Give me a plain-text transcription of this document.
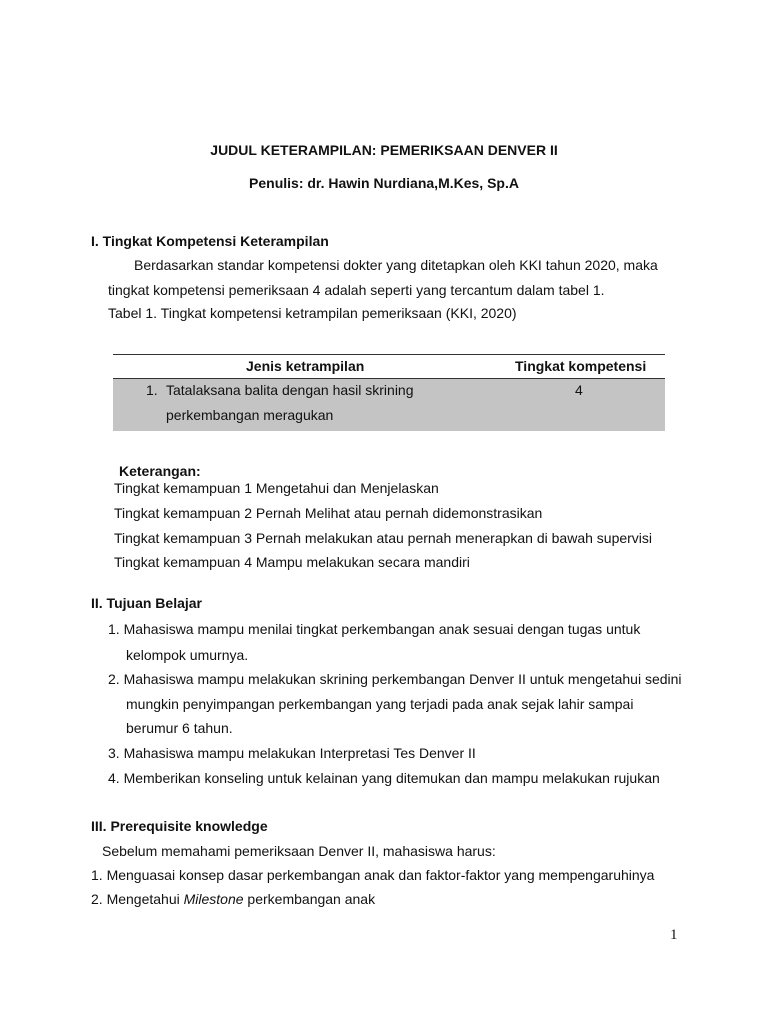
JUDUL KETERAMPILAN: PEMERIKSAAN DENVER II
Penulis: dr. Hawin Nurdiana,M.Kes, Sp.A
I. Tingkat Kompetensi Keterampilan
Berdasarkan standar kompetensi dokter yang ditetapkan oleh KKI tahun 2020, maka
tingkat kompetensi pemeriksaan 4 adalah seperti yang tercantum dalam tabel 1.
Tabel 1. Tingkat kompetensi ketrampilan pemeriksaan (KKI, 2020)
Jenis ketrampilan	Tingkat kompetensi
1. Tatalaksana balita dengan hasil skrining
perkembangan meragukan
4
Keterangan:
Tingkat kemampuan 1 Mengetahui dan Menjelaskan
Tingkat kemampuan 2 Pernah Melihat atau pernah didemonstrasikan
Tingkat kemampuan 3 Pernah melakukan atau pernah menerapkan di bawah supervisi
Tingkat kemampuan 4 Mampu melakukan secara mandiri
II. Tujuan Belajar
1. Mahasiswa mampu menilai tingkat perkembangan anak sesuai dengan tugas untuk
kelompok umurnya.
2. Mahasiswa mampu melakukan skrining perkembangan Denver II untuk mengetahui sedini
mungkin penyimpangan perkembangan yang terjadi pada anak sejak lahir sampai
berumur 6 tahun.
3. Mahasiswa mampu melakukan Interpretasi Tes Denver II
4. Memberikan konseling untuk kelainan yang ditemukan dan mampu melakukan rujukan
III. Prerequisite knowledge
Sebelum memahami pemeriksaan Denver II, mahasiswa harus:
1. Menguasai konsep dasar perkembangan anak dan faktor-faktor yang mempengaruhinya
2. Mengetahui Milestone perkembangan anak
1
